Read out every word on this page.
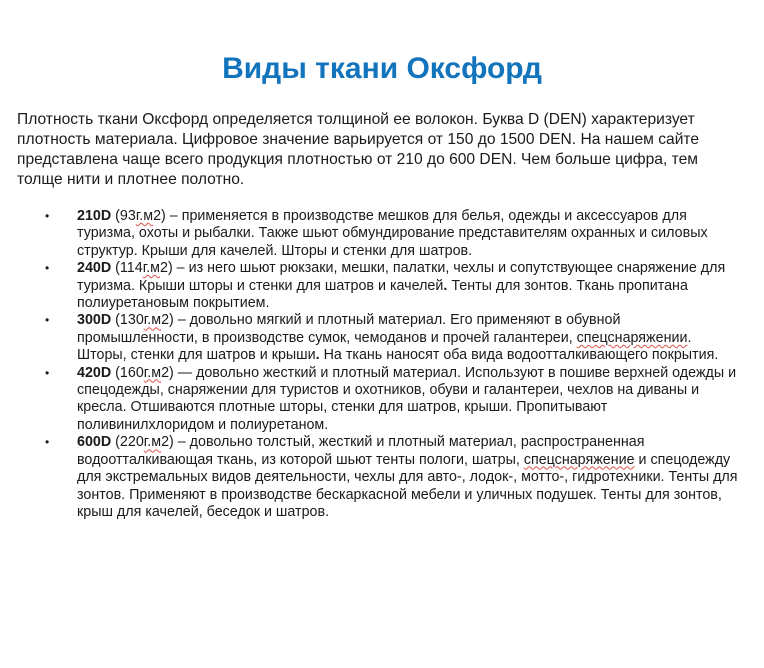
Виды ткани Оксфорд

Плотность ткани Оксфорд определяется толщиной ее волокон. Буква D (DEN) характеризует плотность материала. Цифровое значение варьируется от 150 до 1500 DEN. На нашем сайте представлена чаще всего продукция плотностью от 210 до 600 DEN. Чем больше цифра, тем толще нити и плотнее полотно.

•	210D (93г.м2) – применяется в производстве мешков для белья, одежды и аксессуаров для туризма, охоты и рыбалки. Также шьют обмундирование представителям охранных и силовых структур. Крыши для качелей. Шторы и стенки для шатров.
•	240D (114г.м2) – из него шьют рюкзаки, мешки, палатки, чехлы и сопутствующее снаряжение для туризма. Крыши шторы и стенки для шатров и качелей. Тенты для зонтов. Ткань пропитана полиуретановым покрытием.
•	300D (130г.м2) – довольно мягкий и плотный материал. Его применяют в обувной промышленности, в производстве сумок, чемоданов и прочей галантереи, спецснаряжении. Шторы, стенки для шатров и крыши. На ткань наносят оба вида водоотталкивающего покрытия.
•	420D (160г.м2) — довольно жесткий и плотный материал. Используют в пошиве верхней одежды и спецодежды, снаряжении для туристов и охотников, обуви и галантереи, чехлов на диваны и кресла. Отшиваются плотные шторы, стенки для шатров, крыши. Пропитывают поливинилхлоридом и полиуретаном.
•	600D (220г.м2) – довольно толстый, жесткий и плотный материал, распространенная водоотталкивающая ткань, из которой шьют тенты пологи, шатры, спецснаряжение и спецодежду для экстремальных видов деятельности, чехлы для авто-, лодок-, мотто-, гидротехники. Тенты для зонтов. Применяют в производстве бескаркасной мебели и уличных подушек. Тенты для зонтов, крыш для качелей, беседок и шатров.
